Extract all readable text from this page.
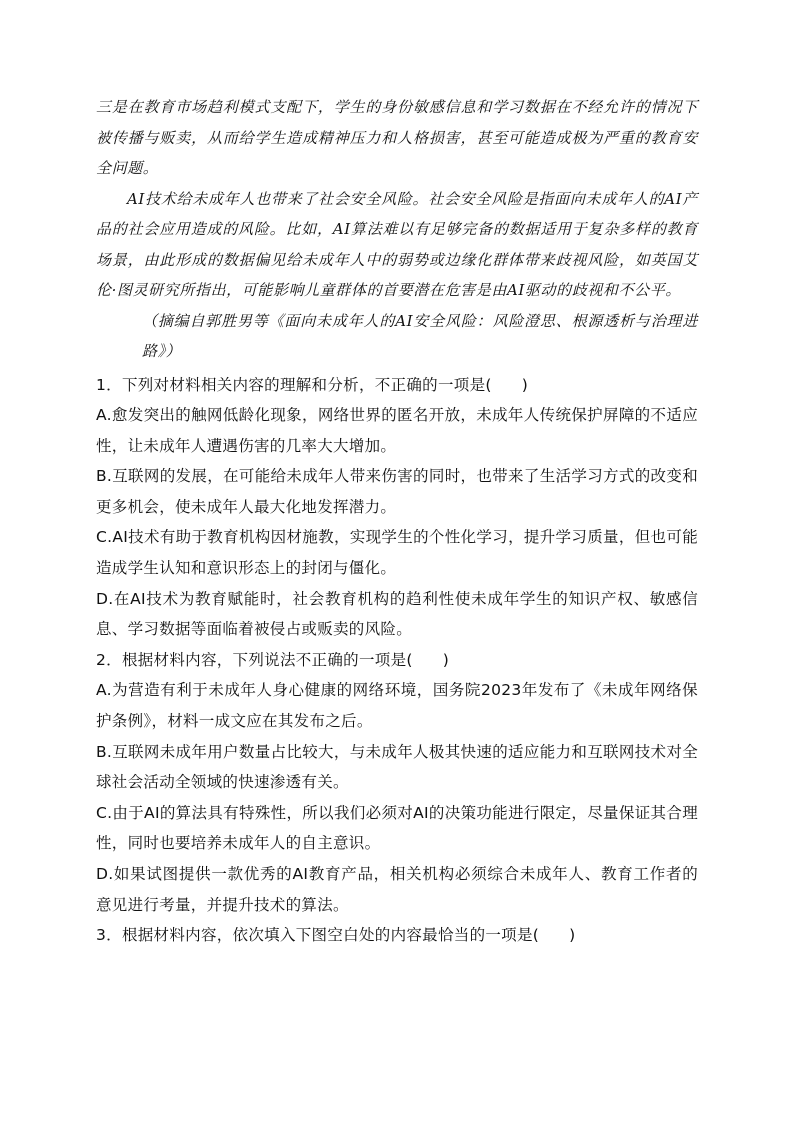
三是在教育市场趋利模式支配下，学生的身份敏感信息和学习数据在不经允许的情况下被传播与贩卖，从而给学生造成精神压力和人格损害，甚至可能造成极为严重的教育安全问题。

AI技术给未成年人也带来了社会安全风险。社会安全风险是指面向未成年人的AI产品的社会应用造成的风险。比如，AI算法难以有足够完备的数据适用于复杂多样的教育场景，由此形成的数据偏见给未成年人中的弱势或边缘化群体带来歧视风险，如英国艾伦·图灵研究所指出，可能影响儿童群体的首要潜在危害是由AI驱动的歧视和不公平。

（摘编自郭胜男等《面向未成年人的AI安全风险：风险澄思、根源透析与治理进路》）

1．下列对材料相关内容的理解和分析，不正确的一项是( )

A.愈发突出的触网低龄化现象，网络世界的匿名开放，未成年人传统保护屏障的不适应性，让未成年人遭遇伤害的几率大大增加。

B.互联网的发展，在可能给未成年人带来伤害的同时，也带来了生活学习方式的改变和更多机会，使未成年人最大化地发挥潜力。

C.AI技术有助于教育机构因材施教，实现学生的个性化学习，提升学习质量，但也可能造成学生认知和意识形态上的封闭与僵化。

D.在AI技术为教育赋能时，社会教育机构的趋利性使未成年学生的知识产权、敏感信息、学习数据等面临着被侵占或贩卖的风险。

2．根据材料内容，下列说法不正确的一项是( )

A.为营造有利于未成年人身心健康的网络环境，国务院2023年发布了《未成年网络保护条例》，材料一成文应在其发布之后。

B.互联网未成年用户数量占比较大，与未成年人极其快速的适应能力和互联网技术对全球社会活动全领域的快速渗透有关。

C.由于AI的算法具有特殊性，所以我们必须对AI的决策功能进行限定，尽量保证其合理性，同时也要培养未成年人的自主意识。

D.如果试图提供一款优秀的AI教育产品，相关机构必须综合未成年人、教育工作者的意见进行考量，并提升技术的算法。

3．根据材料内容，依次填入下图空白处的内容最恰当的一项是( )
